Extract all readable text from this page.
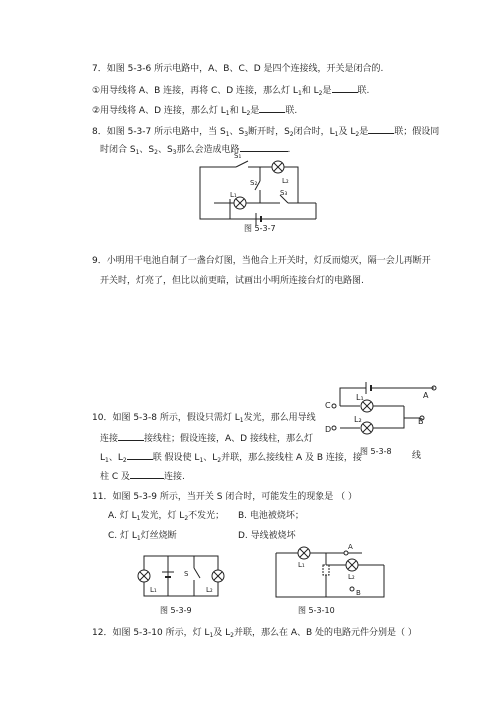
7．如图 5-3-6 所示电路中，A、B、C、D 是四个连接线，开关是闭合的.
①用导线将 A、B 连接，再将 C、D 连接，那么灯 $L_1$和 $L_2$是	联.
②用导线将 A、D 连接，那么灯 $L_1$和 $L_2$是	联.
8．如图 5-3-7 所示电路中，当 $S_1$、$S_3$断开时，$S_2$闭合时，$L_1$及 $L_2$是	联；假设同
时闭合 $S_1$、$S_2$、$S_3$那么会造成电路	.
S₁
S₂
S₃
L₁
L₂
图 5-3-7
9．小明用干电池自制了一盏台灯图，当他合上开关时，灯反而熄灭，隔一会儿再断开
开关时，灯亮了，但比以前更暗，试画出小明所连接台灯的电路图.
10．如图 5-3-8 所示，假设只需灯 $L_1$发光，那么用导线
连接	接线柱；假设连接，A、D 接线柱，那么灯
$L_1$、$L_2$	联 假设使 $L_1$、$L_2$并联，那么接线柱 A 及 B 连接，接	线
柱 C 及	连接.
A
C
B
D
L₁
L₂
图 5-3-8
11．如图 5-3-9 所示，当开关 S 闭合时，可能发生的现象是 （ ）
A. 灯 $L_1$发光，灯 $L_2$不发光； B. 电池被烧坏；
C. 灯 $L_1$灯丝烧断	D. 导线被烧坏
S
L₁	L₂
图 5-3-9
A
B
L₁
L₂
图 5-3-10
12．如图 5-3-10 所示，灯 $L_1$及 $L_2$并联，那么在 A、B 处的电路元件分别是（ ）
